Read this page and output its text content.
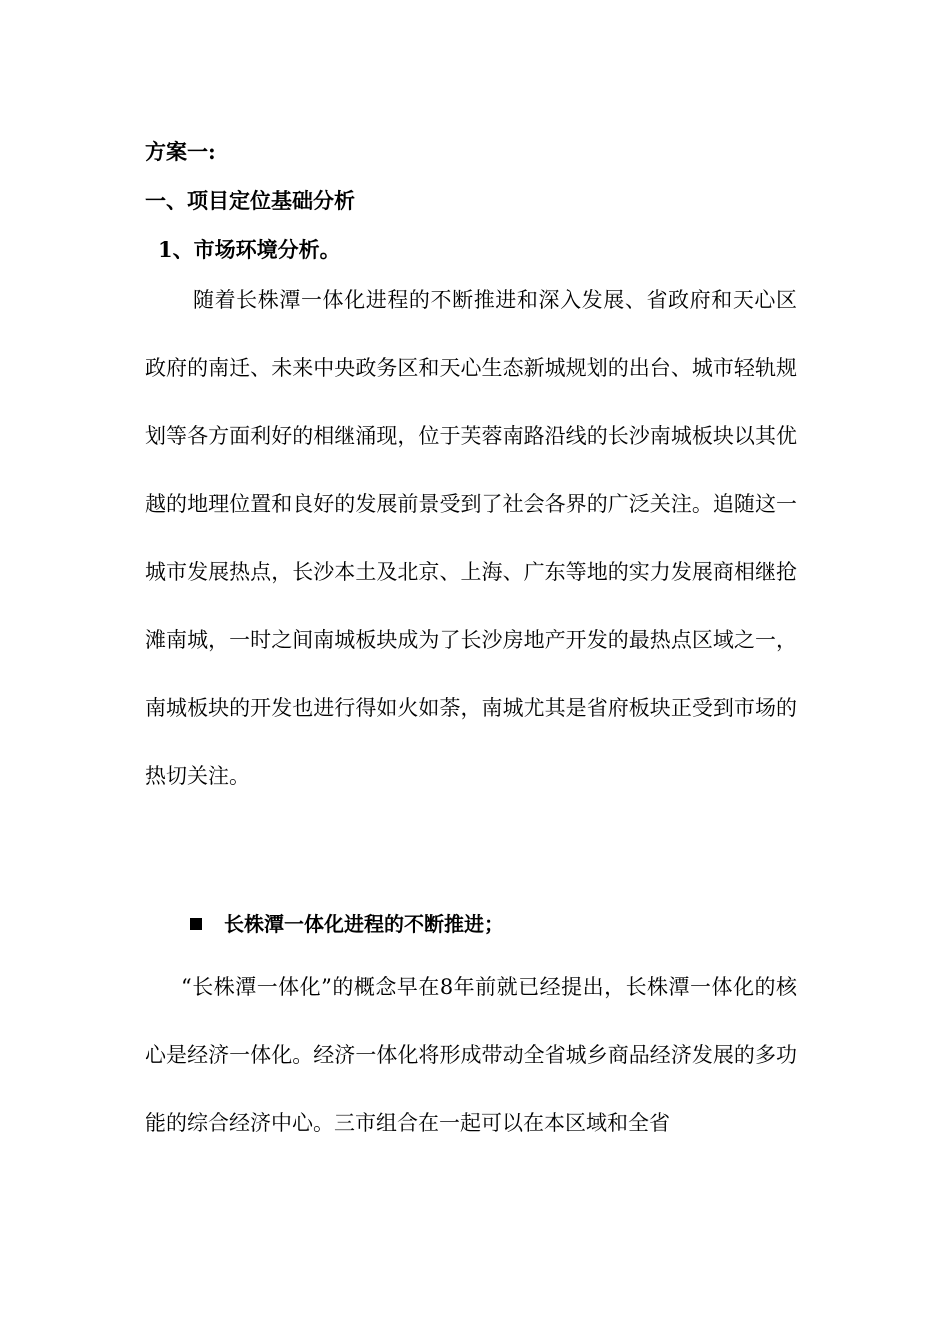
方案一:
一、项目定位基础分析
1、市场环境分析。

随着长株潭一体化进程的不断推进和深入发展、省政府和天心区政府的南迁、未来中央政务区和天心生态新城规划的出台、城市轻轨规划等各方面利好的相继涌现，位于芙蓉南路沿线的长沙南城板块以其优越的地理位置和良好的发展前景受到了社会各界的广泛关注。追随这一城市发展热点，长沙本土及北京、上海、广东等地的实力发展商相继抢滩南城，一时之间南城板块成为了长沙房地产开发的最热点区域之一，南城板块的开发也进行得如火如荼，南城尤其是省府板块正受到市场的热切关注。

长株潭一体化进程的不断推进；

“长株潭一体化”的概念早在8年前就已经提出，长株潭一体化的核心是经济一体化。经济一体化将形成带动全省城乡商品经济发展的多功能的综合经济中心。三市组合在一起可以在本区域和全省
